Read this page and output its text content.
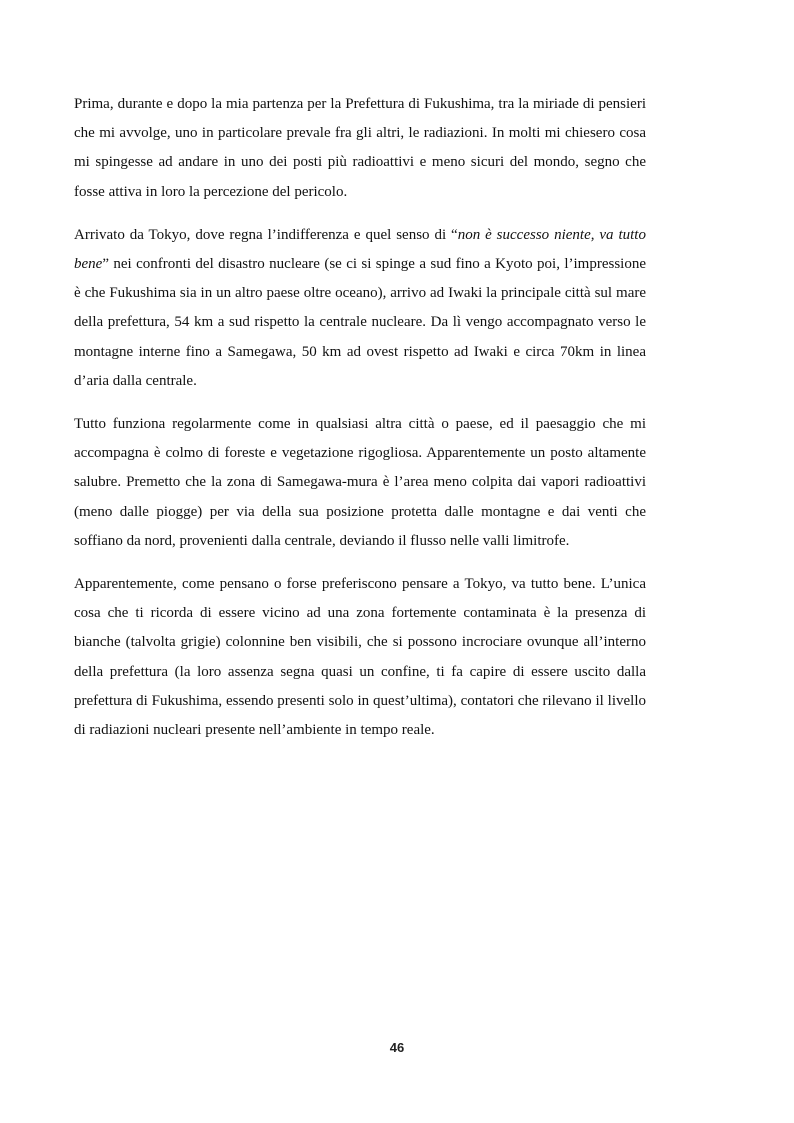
Prima, durante e dopo la mia partenza per la Prefettura di Fukushima, tra la miriade di pensieri che mi avvolge, uno in particolare prevale fra gli altri, le radiazioni. In molti mi chiesero cosa mi spingesse ad andare in uno dei posti più radioattivi e meno sicuri del mondo, segno che fosse attiva in loro la percezione del pericolo.

Arrivato da Tokyo, dove regna l’indifferenza e quel senso di “non è successo niente, va tutto bene” nei confronti del disastro nucleare (se ci si spinge a sud fino a Kyoto poi, l’impressione è che Fukushima sia in un altro paese oltre oceano), arrivo ad Iwaki la principale città sul mare della prefettura, 54 km a sud rispetto la centrale nucleare. Da lì vengo accompagnato verso le montagne interne fino a Samegawa, 50 km ad ovest rispetto ad Iwaki e circa 70km in linea d’aria dalla centrale.

Tutto funziona regolarmente come in qualsiasi altra città o paese, ed il paesaggio che mi accompagna è colmo di foreste e vegetazione rigogliosa. Apparentemente un posto altamente salubre. Premetto che la zona di Samegawa-mura è l’area meno colpita dai vapori radioattivi (meno dalle piogge) per via della sua posizione protetta dalle montagne e dai venti che soffiano da nord, provenienti dalla centrale, deviando il flusso nelle valli limitrofe.

Apparentemente, come pensano o forse preferiscono pensare a Tokyo, va tutto bene. L’unica cosa che ti ricorda di essere vicino ad una zona fortemente contaminata è la presenza di bianche (talvolta grigie) colonnine ben visibili, che si possono incrociare ovunque all’interno della prefettura (la loro assenza segna quasi un confine, ti fa capire di essere uscito dalla prefettura di Fukushima, essendo presenti solo in quest’ultima), contatori che rilevano il livello di radiazioni nucleari presente nell’ambiente in tempo reale.

46
